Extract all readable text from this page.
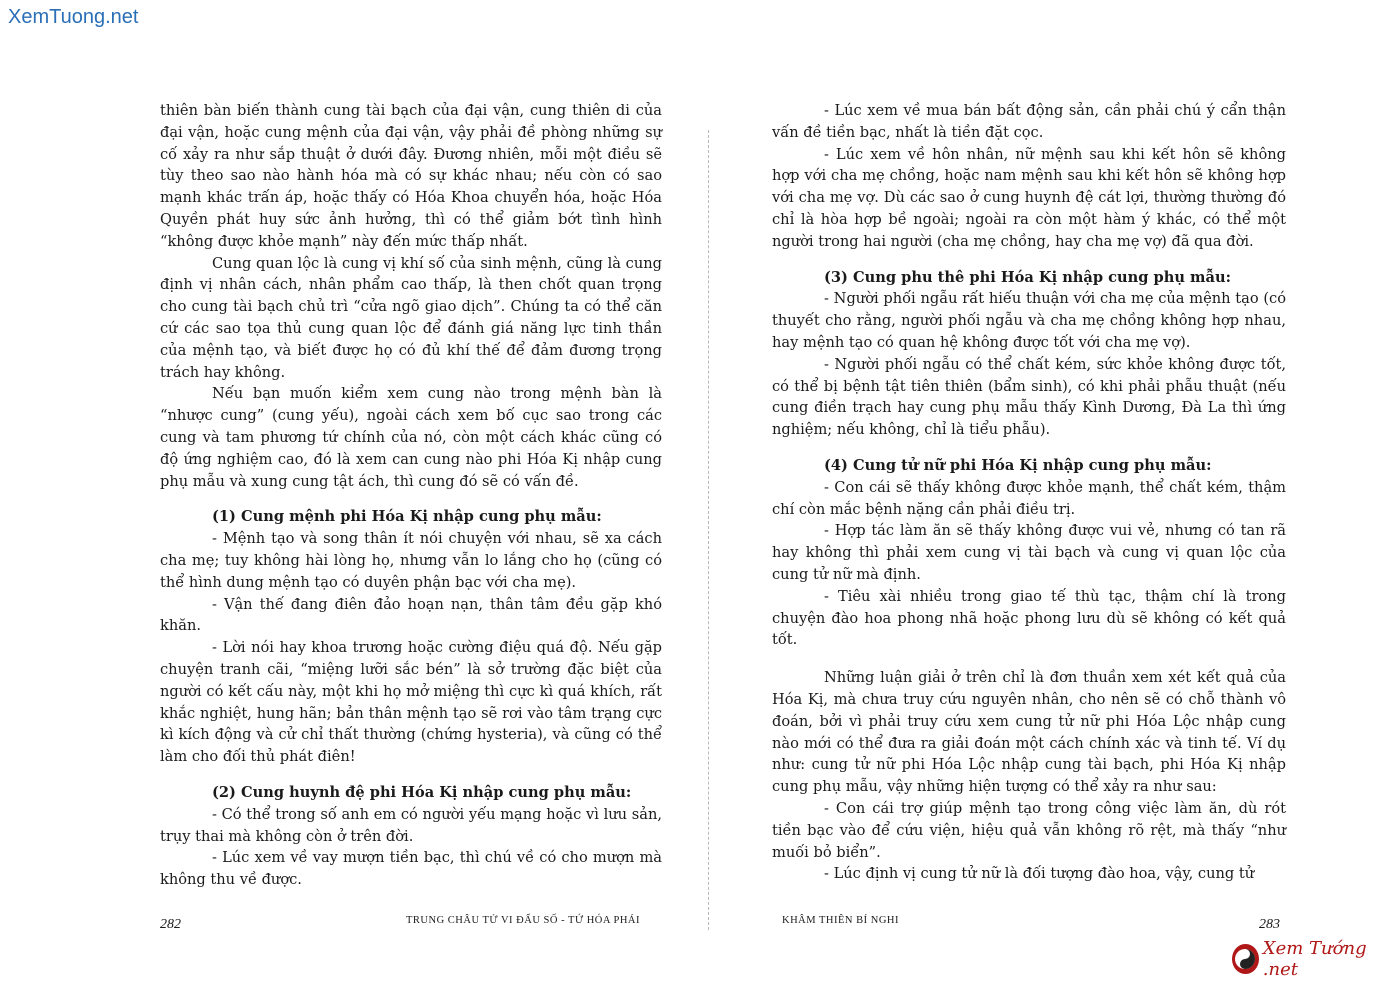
XemTuong.net

thiên bàn biến thành cung tài bạch của đại vận, cung thiên di của đại vận, hoặc cung mệnh của đại vận, vậy phải đề phòng những sự cố xảy ra như sắp thuật ở dưới đây. Đương nhiên, mỗi một điều sẽ tùy theo sao nào hành hóa mà có sự khác nhau; nếu còn có sao mạnh khác trấn áp, hoặc thấy có Hóa Khoa chuyển hóa, hoặc Hóa Quyền phát huy sức ảnh hưởng, thì có thể giảm bớt tình hình “không được khỏe mạnh” này đến mức thấp nhất.

Cung quan lộc là cung vị khí số của sinh mệnh, cũng là cung định vị nhân cách, nhân phẩm cao thấp, là then chốt quan trọng cho cung tài bạch chủ trì “cửa ngõ giao dịch”. Chúng ta có thể căn cứ các sao tọa thủ cung quan lộc để đánh giá năng lực tinh thần của mệnh tạo, và biết được họ có đủ khí thế để đảm đương trọng trách hay không.

Nếu bạn muốn kiểm xem cung nào trong mệnh bàn là “nhược cung” (cung yếu), ngoài cách xem bố cục sao trong các cung và tam phương tứ chính của nó, còn một cách khác cũng có độ ứng nghiệm cao, đó là xem can cung nào phi Hóa Kị nhập cung phụ mẫu và xung cung tật ách, thì cung đó sẽ có vấn đề.

(1) Cung mệnh phi Hóa Kị nhập cung phụ mẫu:

- Mệnh tạo và song thân ít nói chuyện với nhau, sẽ xa cách cha mẹ; tuy không hài lòng họ, nhưng vẫn lo lắng cho họ (cũng có thể hình dung mệnh tạo có duyên phận bạc với cha mẹ).

- Vận thế đang điên đảo hoạn nạn, thân tâm đều gặp khó khăn.

- Lời nói hay khoa trương hoặc cường điệu quá độ. Nếu gặp chuyện tranh cãi, “miệng lưỡi sắc bén” là sở trường đặc biệt của người có kết cấu này, một khi họ mở miệng thì cực kì quá khích, rất khắc nghiệt, hung hãn; bản thân mệnh tạo sẽ rơi vào tâm trạng cực kì kích động và cử chỉ thất thường (chứng hysteria), và cũng có thể làm cho đối thủ phát điên!

(2) Cung huynh đệ phi Hóa Kị nhập cung phụ mẫu:

- Có thể trong số anh em có người yếu mạng hoặc vì lưu sản, trụy thai mà không còn ở trên đời.

- Lúc xem về vay mượn tiền bạc, thì chú về có cho mượn mà không thu về được.

- Lúc xem về mua bán bất động sản, cần phải chú ý cẩn thận vấn đề tiền bạc, nhất là tiền đặt cọc.

- Lúc xem về hôn nhân, nữ mệnh sau khi kết hôn sẽ không hợp với cha mẹ chồng, hoặc nam mệnh sau khi kết hôn sẽ không hợp với cha mẹ vợ. Dù các sao ở cung huynh đệ cát lợi, thường thường đó chỉ là hòa hợp bề ngoài; ngoài ra còn một hàm ý khác, có thể một người trong hai người (cha mẹ chồng, hay cha mẹ vợ) đã qua đời.

(3) Cung phu thê phi Hóa Kị nhập cung phụ mẫu:

- Người phối ngẫu rất hiếu thuận với cha mẹ của mệnh tạo (có thuyết cho rằng, người phối ngẫu và cha mẹ chồng không hợp nhau, hay mệnh tạo có quan hệ không được tốt với cha mẹ vợ).

- Người phối ngẫu có thể chất kém, sức khỏe không được tốt, có thể bị bệnh tật tiên thiên (bẩm sinh), có khi phải phẫu thuật (nếu cung điền trạch hay cung phụ mẫu thấy Kình Dương, Đà La thì ứng nghiệm; nếu không, chỉ là tiểu phẫu).

(4) Cung tử nữ phi Hóa Kị nhập cung phụ mẫu:

- Con cái sẽ thấy không được khỏe mạnh, thể chất kém, thậm chí còn mắc bệnh nặng cần phải điều trị.

- Hợp tác làm ăn sẽ thấy không được vui vẻ, nhưng có tan rã hay không thì phải xem cung vị tài bạch và cung vị quan lộc của cung tử nữ mà định.

- Tiêu xài nhiều trong giao tế thù tạc, thậm chí là trong chuyện đào hoa phong nhã hoặc phong lưu dù sẽ không có kết quả tốt.

Những luận giải ở trên chỉ là đơn thuần xem xét kết quả của Hóa Kị, mà chưa truy cứu nguyên nhân, cho nên sẽ có chỗ thành vô đoán, bởi vì phải truy cứu xem cung tử nữ phi Hóa Lộc nhập cung nào mới có thể đưa ra giải đoán một cách chính xác và tinh tế. Ví dụ như: cung tử nữ phi Hóa Lộc nhập cung tài bạch, phi Hóa Kị nhập cung phụ mẫu, vậy những hiện tượng có thể xảy ra như sau:

- Con cái trợ giúp mệnh tạo trong công việc làm ăn, dù rót tiền bạc vào để cứu viện, hiệu quả vẫn không rõ rệt, mà thấy “như muối bỏ biển”.

- Lúc định vị cung tử nữ là đối tượng đào hoa, vậy, cung tử

282	TRUNG CHÂU TỬ VI ĐẨU SỐ - TỨ HÓA PHÁI	KHÂM THIÊN BÍ NGHI	283
Xem Tướng .net
